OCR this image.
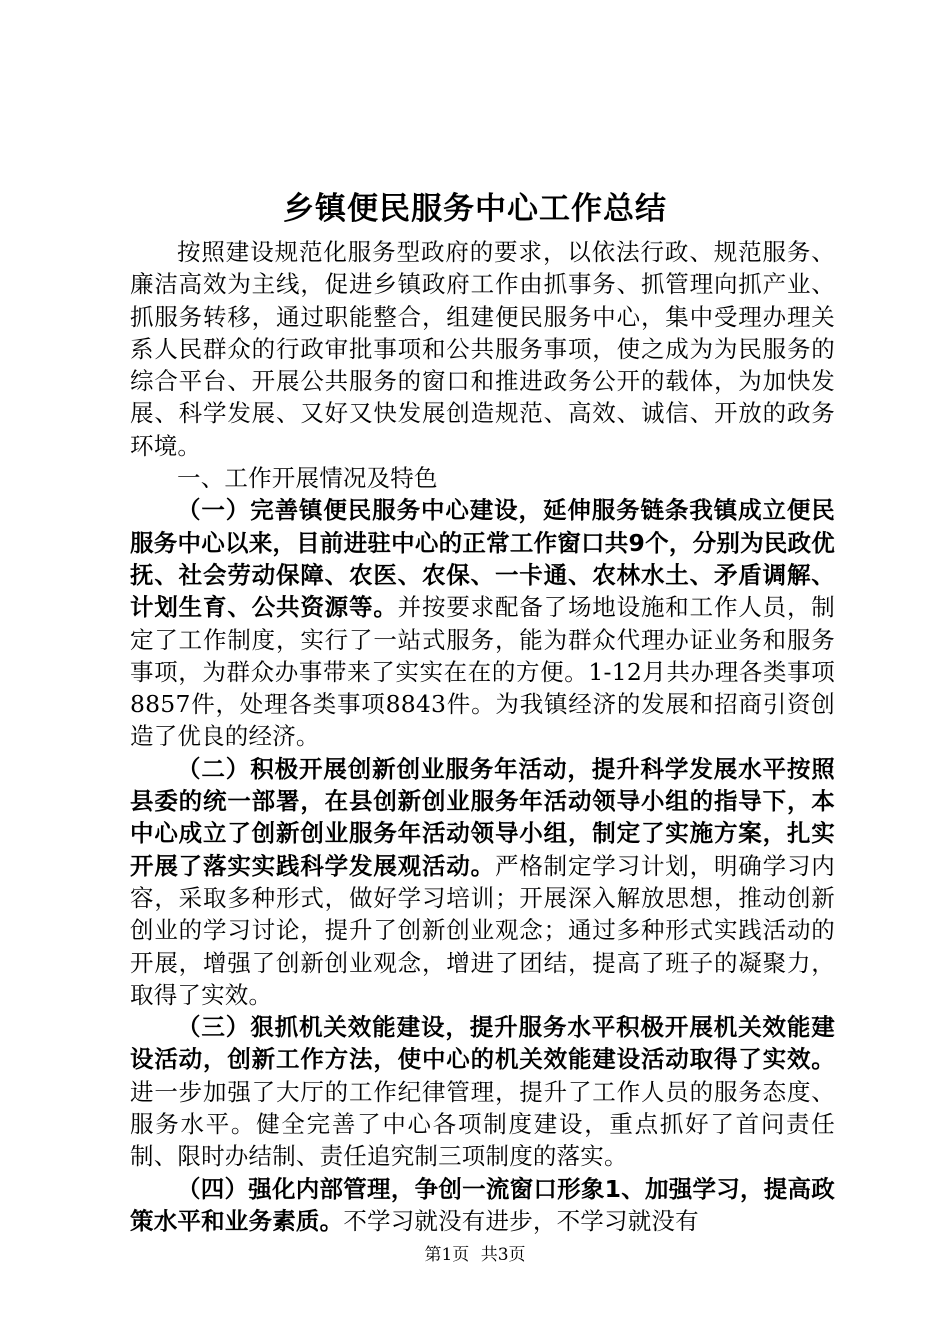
乡镇便民服务中心工作总结

按照建设规范化服务型政府的要求，以依法行政、规范服务、廉洁高效为主线，促进乡镇政府工作由抓事务、抓管理向抓产业、抓服务转移，通过职能整合，组建便民服务中心，集中受理办理关系人民群众的行政审批事项和公共服务事项，使之成为为民服务的综合平台、开展公共服务的窗口和推进政务公开的载体，为加快发展、科学发展、又好又快发展创造规范、高效、诚信、开放的政务环境。

一、工作开展情况及特色

（一）完善镇便民服务中心建设，延伸服务链条我镇成立便民服务中心以来，目前进驻中心的正常工作窗口共9个，分别为民政优抚、社会劳动保障、农医、农保、一卡通、农林水土、矛盾调解、计划生育、公共资源等。并按要求配备了场地设施和工作人员，制定了工作制度，实行了一站式服务，能为群众代理办证业务和服务事项，为群众办事带来了实实在在的方便。1-12月共办理各类事项8857件，处理各类事项8843件。为我镇经济的发展和招商引资创造了优良的经济。

（二）积极开展创新创业服务年活动，提升科学发展水平按照县委的统一部署，在县创新创业服务年活动领导小组的指导下，本中心成立了创新创业服务年活动领导小组，制定了实施方案，扎实开展了落实实践科学发展观活动。严格制定学习计划，明确学习内容，采取多种形式，做好学习培训；开展深入解放思想，推动创新创业的学习讨论，提升了创新创业观念；通过多种形式实践活动的开展，增强了创新创业观念，增进了团结，提高了班子的凝聚力，取得了实效。

（三）狠抓机关效能建设，提升服务水平积极开展机关效能建设活动，创新工作方法，使中心的机关效能建设活动取得了实效。进一步加强了大厅的工作纪律管理，提升了工作人员的服务态度、服务水平。健全完善了中心各项制度建设，重点抓好了首问责任制、限时办结制、责任追究制三项制度的落实。

（四）强化内部管理，争创一流窗口形象1、加强学习，提高政策水平和业务素质。不学习就没有进步，不学习就没有

第1页 共3页
